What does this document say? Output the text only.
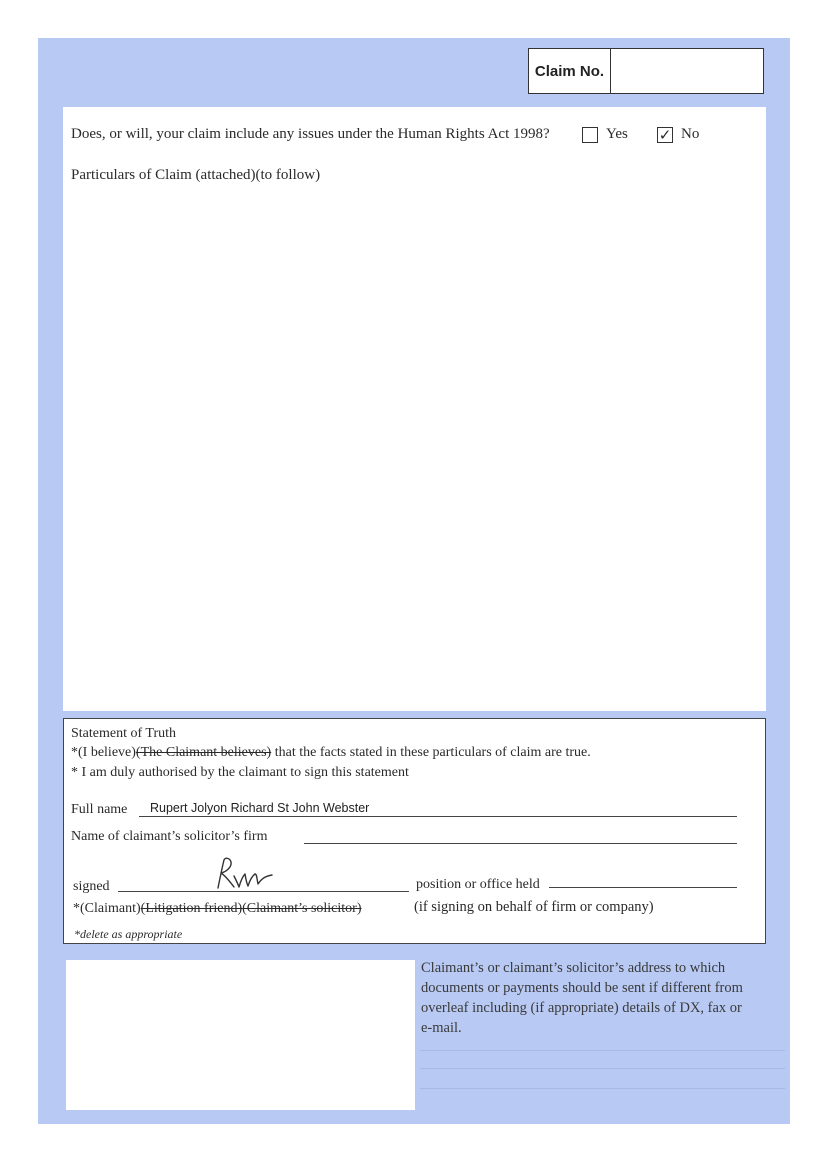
Claim No.
Does, or will, your claim include any issues under the Human Rights Act 1998?	Yes ✓ No
Particulars of Claim (attached)(to follow)
Statement of Truth
*(I believe)(The Claimant believes) that the facts stated in these particulars of claim are true.
* I am duly authorised by the claimant to sign this statement
Full name Rupert Jolyon Richard St John Webster
Name of claimant’s solicitor’s firm
signed	position or office held
*(Claimant)(Litigation friend)(Claimant’s solicitor)	(if signing on behalf of firm or company)
*delete as appropriate
Claimant’s or claimant’s solicitor’s address to which documents or payments should be sent if different from overleaf including (if appropriate) details of DX, fax or e-mail.
